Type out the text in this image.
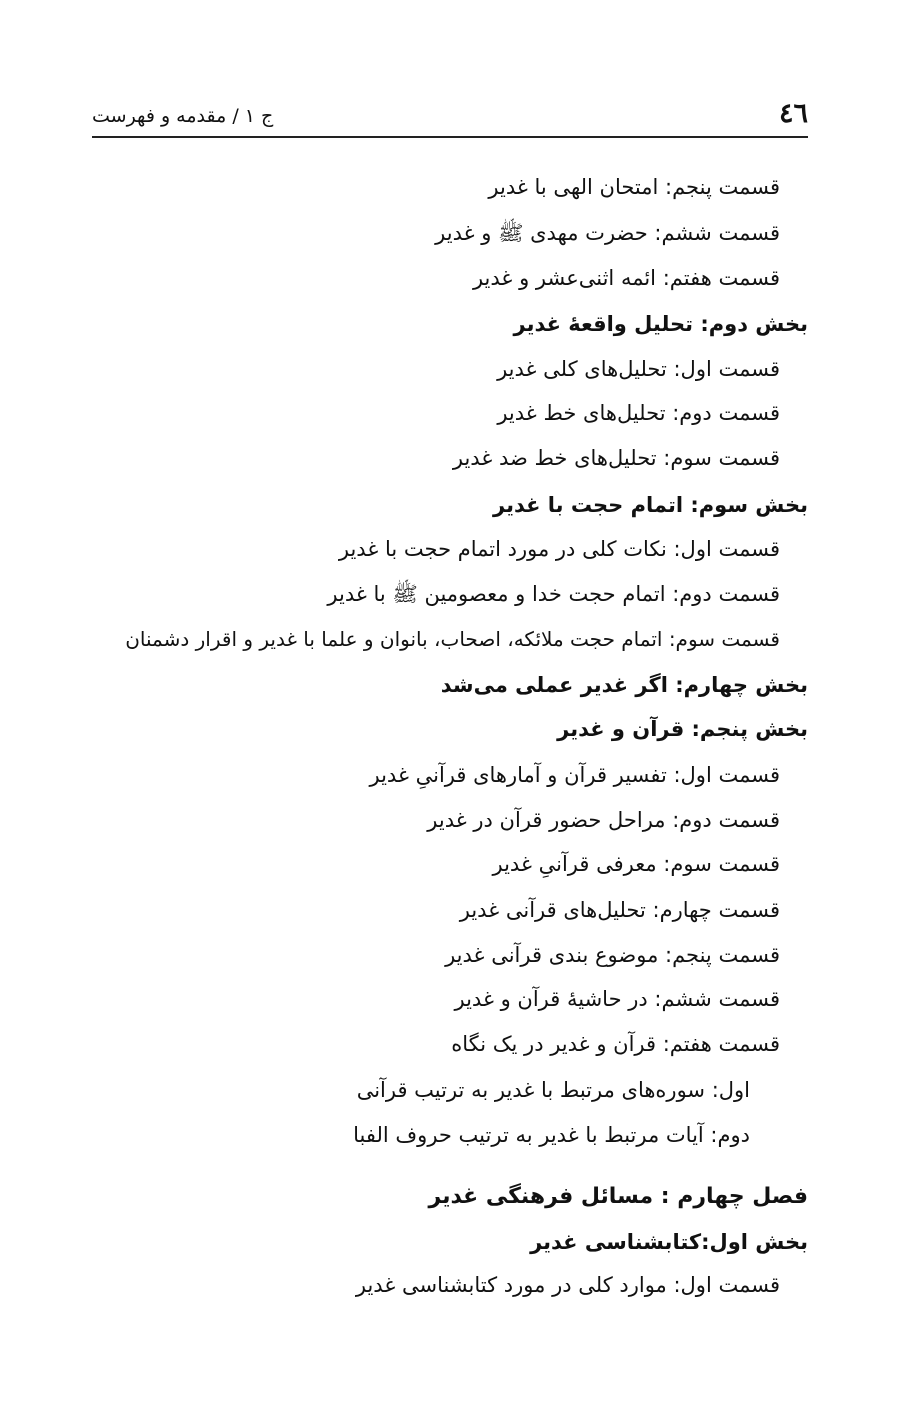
٤٦
ج ۱ / مقدمه و فهرست
قسمت پنجم: امتحان الهی با غدیر
قسمت ششم: حضرت مهدی ﷺ و غدیر
قسمت هفتم: ائمه اثنی‌عشر و غدیر
بخش دوم: تحلیل واقعهٔ غدیر
قسمت اول: تحلیل‌های کلی غدیر
قسمت دوم: تحلیل‌های خط غدیر
قسمت سوم: تحلیل‌های خط ضد غدیر
بخش سوم: اتمام حجت با غدیر
قسمت اول: نکات کلی در مورد اتمام حجت با غدیر
قسمت دوم: اتمام حجت خدا و معصومین ﷺ با غدیر
قسمت سوم: اتمام حجت ملائکه، اصحاب، بانوان و علما با غدیر و اقرار دشمنان
بخش چهارم: اگر غدیر عملی می‌شد
بخش پنجم: قرآن و غدیر
قسمت اول: تفسیر قرآن و آمارهای قرآنیِ غدیر
قسمت دوم: مراحل حضور قرآن در غدیر
قسمت سوم: معرفی قرآنیِ غدیر
قسمت چهارم: تحلیل‌های قرآنی غدیر
قسمت پنجم: موضوع بندی قرآنی غدیر
قسمت ششم: در حاشیهٔ قرآن و غدیر
قسمت هفتم: قرآن و غدیر در یک نگاه
اول: سوره‌های مرتبط با غدیر به ترتیب قرآنی
دوم: آیات مرتبط با غدیر به ترتیب حروف الفبا
فصل چهارم : مسائل فرهنگی غدیر
بخش اول:کتابشناسی غدیر
قسمت اول: موارد کلی در مورد کتابشناسی غدیر
